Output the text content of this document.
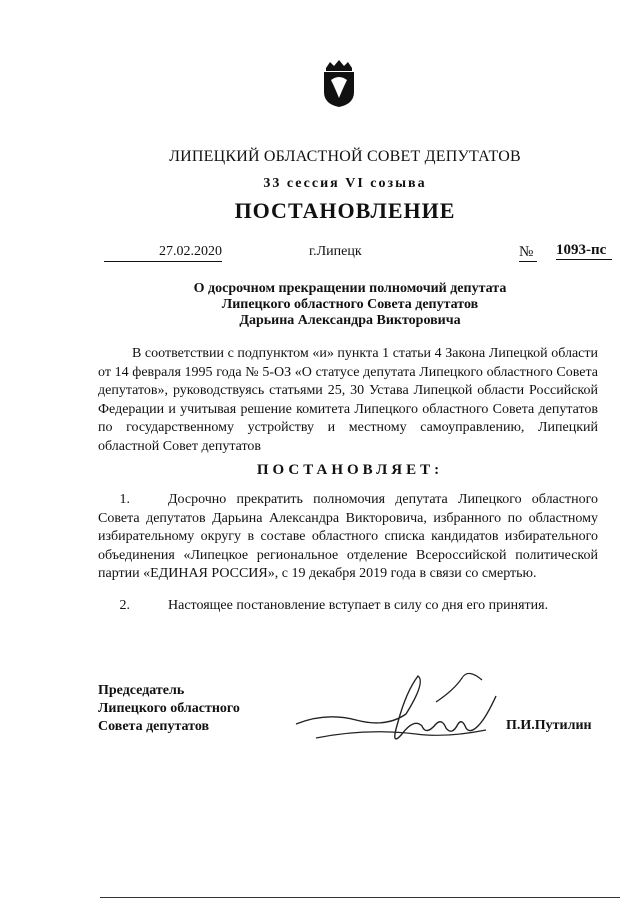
ЛИПЕЦКИЙ ОБЛАСТНОЙ СОВЕТ ДЕПУТАТОВ
33 сессия VI созыва
ПОСТАНОВЛЕНИЕ
27.02.2020	г.Липецк	№ 1093-пс
О досрочном прекращении полномочий депутата
Липецкого областного Совета депутатов
Дарьина Александра Викторовича
В соответствии с подпунктом «и» пункта 1 статьи 4 Закона Липецкой области от 14 февраля 1995 года № 5-ОЗ «О статусе депутата Липецкого областного Совета депутатов», руководствуясь статьями 25, 30 Устава Липецкой области Российской Федерации и учитывая решение комитета Липецкого областного Совета депутатов по государственному устройству и местному самоуправлению, Липецкий областной Совет депутатов
ПОСТАНОВЛЯЕТ:
1.	Досрочно прекратить полномочия депутата Липецкого областного Совета депутатов Дарьина Александра Викторовича, избранного по областному избирательному округу в составе областного списка кандидатов избирательного объединения «Липецкое региональное отделение Всероссийской политической партии «ЕДИНАЯ РОССИЯ», с 19 декабря 2019 года в связи со смертью.
2.	Настоящее постановление вступает в силу со дня его принятия.
Председатель
Липецкого областного
Совета депутатов	П.И.Путилин
